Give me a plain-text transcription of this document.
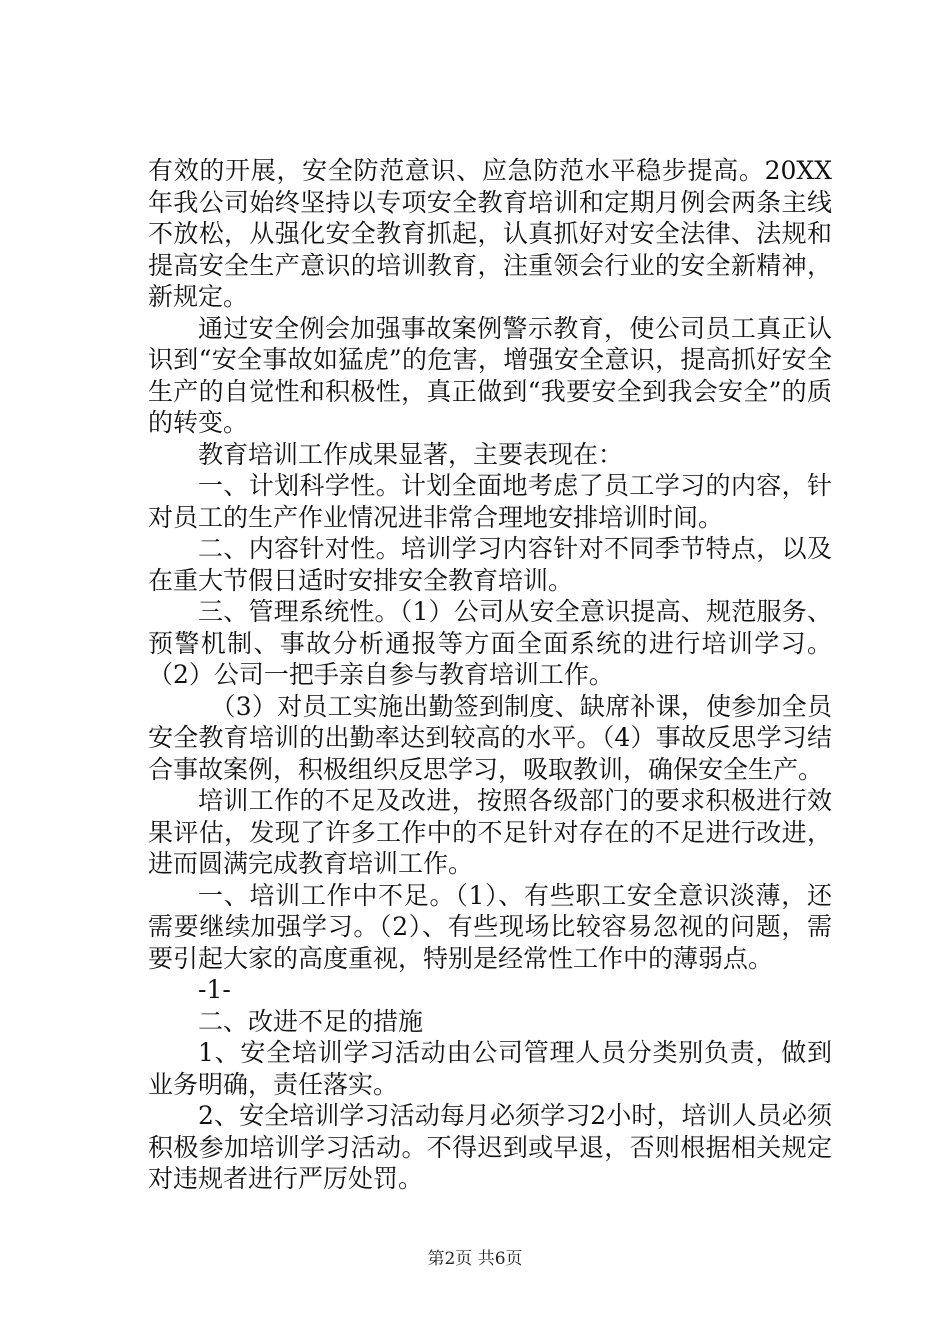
有效的开展，安全防范意识、应急防范水平稳步提高。20XX年我公司始终坚持以专项安全教育培训和定期月例会两条主线不放松，从强化安全教育抓起，认真抓好对安全法律、法规和提高安全生产意识的培训教育，注重领会行业的安全新精神，新规定。

通过安全例会加强事故案例警示教育，使公司员工真正认识到“安全事故如猛虎”的危害，增强安全意识，提高抓好安全生产的自觉性和积极性，真正做到“我要安全到我会安全”的质的转变。

教育培训工作成果显著，主要表现在：

一、计划科学性。计划全面地考虑了员工学习的内容，针对员工的生产作业情况进非常合理地安排培训时间。

二、内容针对性。培训学习内容针对不同季节特点，以及在重大节假日适时安排安全教育培训。

三、管理系统性。（1）公司从安全意识提高、规范服务、预警机制、事故分析通报等方面全面系统的进行培训学习。（2）公司一把手亲自参与教育培训工作。

（3）对员工实施出勤签到制度、缺席补课，使参加全员安全教育培训的出勤率达到较高的水平。（4）事故反思学习结合事故案例，积极组织反思学习，吸取教训，确保安全生产。

培训工作的不足及改进，按照各级部门的要求积极进行效果评估，发现了许多工作中的不足针对存在的不足进行改进，进而圆满完成教育培训工作。

一、培训工作中不足。（1）、有些职工安全意识淡薄，还需要继续加强学习。（2）、有些现场比较容易忽视的问题，需要引起大家的高度重视，特别是经常性工作中的薄弱点。

-1-

二、改进不足的措施

1、安全培训学习活动由公司管理人员分类别负责，做到业务明确，责任落实。

2、安全培训学习活动每月必须学习2小时，培训人员必须积极参加培训学习活动。不得迟到或早退，否则根据相关规定对违规者进行严厉处罚。

第2页 共6页
